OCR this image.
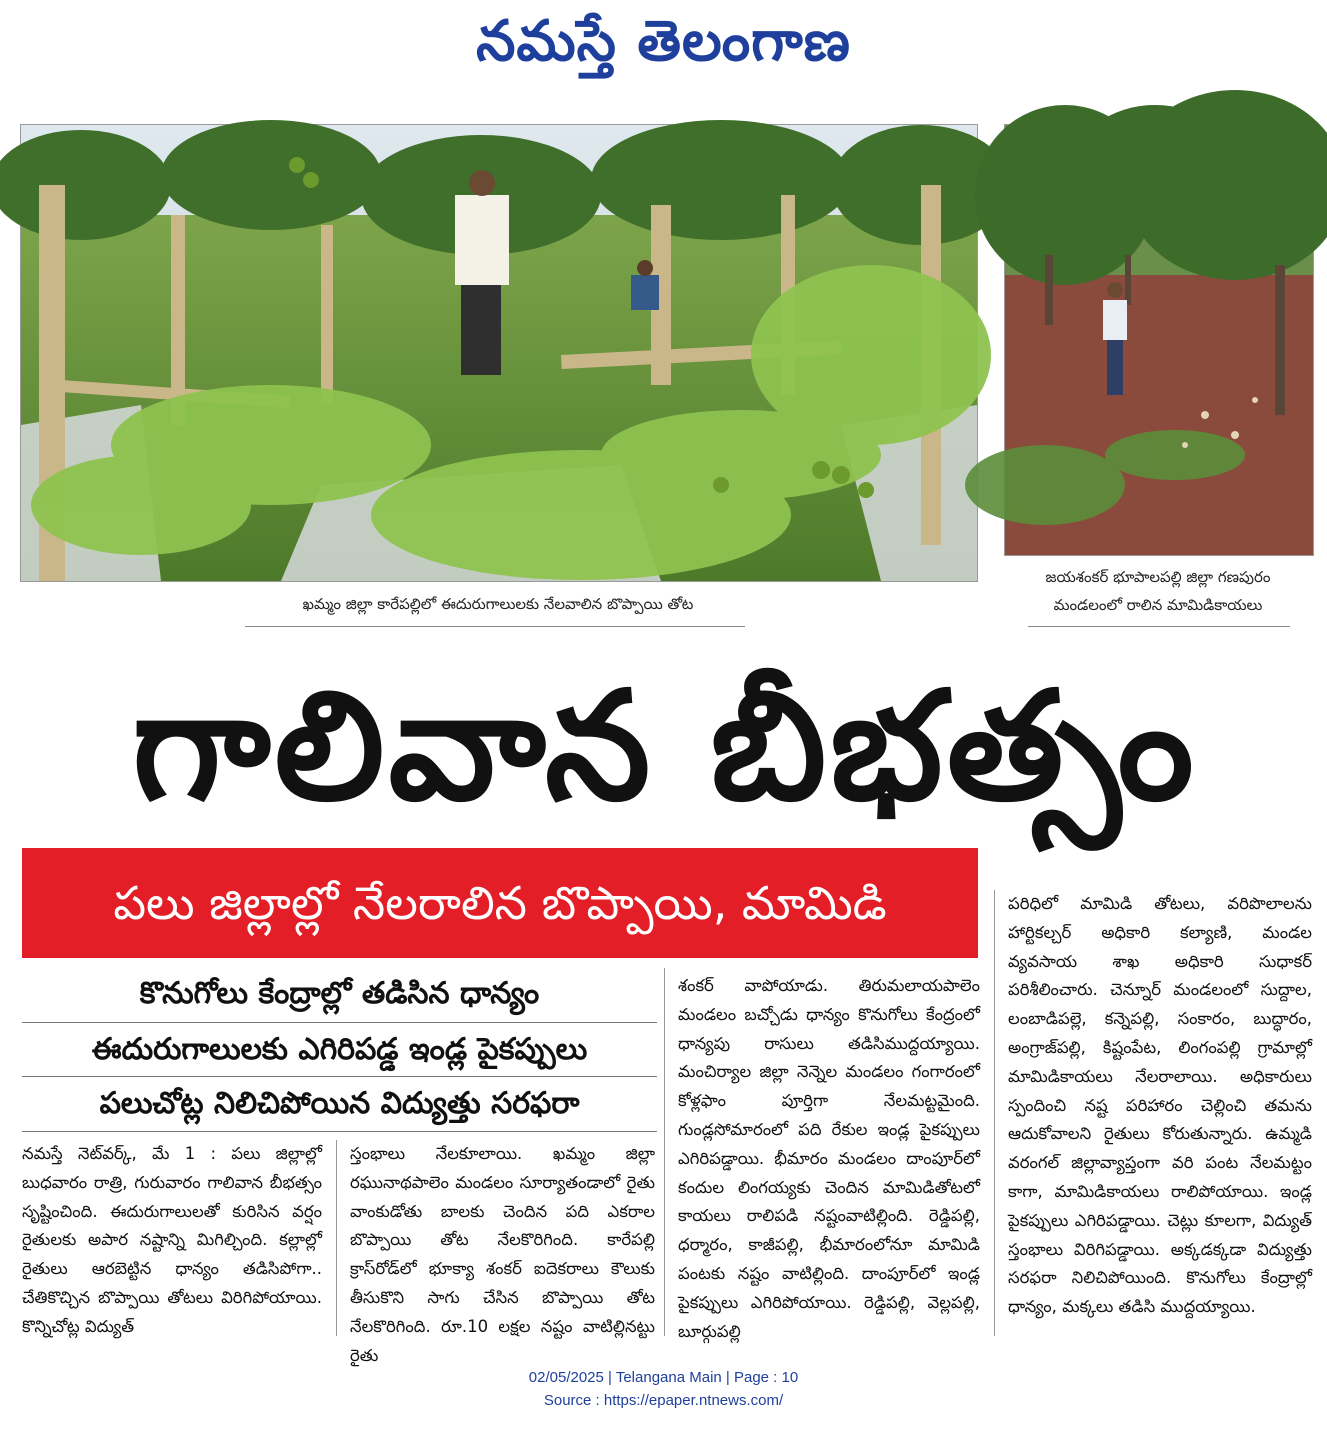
నమస్తే తెలంగాణ
ఖమ్మం జిల్లా కారేపల్లిలో ఈదురుగాలులకు నేలవాలిన బొప్పాయి తోట
జయశంకర్ భూపాలపల్లి జిల్లా గణపురం
మండలంలో రాలిన మామిడికాయలు
గాలివాన బీభత్సం
పలు జిల్లాల్లో నేలరాలిన బొప్పాయి, మామిడి
కొనుగోలు కేంద్రాల్లో తడిసిన ధాన్యం
ఈదురుగాలులకు ఎగిరిపడ్డ ఇండ్ల పైకప్పులు
పలుచోట్ల నిలిచిపోయిన విద్యుత్తు సరఫరా
నమస్తే నెట్‌వర్క్, మే 1 : పలు జిల్లాల్లో బుధవారం రాత్రి, గురువారం గాలివాన బీభత్సం సృష్టించింది. ఈదురుగాలులతో కురిసిన వర్షం రైతులకు అపార నష్టాన్ని మిగిల్చింది. కల్లాల్లో రైతులు ఆరబెట్టిన ధాన్యం తడిసిపోగా.. చేతికొచ్చిన బొప్పాయి తోటలు విరిగిపోయాయి. కొన్నిచోట్ల విద్యుత్
స్తంభాలు నేలకూలాయి. ఖమ్మం జిల్లా రఘునాథపాలెం మండలం సూర్యాతండాలో రైతు వాంకుడోతు బాలకు చెందిన పది ఎకరాల బొప్పాయి తోట నేలకొరిగింది. కారేపల్లి క్రాస్‌రోడ్‌లో భూక్యా శంకర్ ఐదెకరాలు కౌలుకు తీసుకొని సాగు చేసిన బొప్పాయి తోట నేలకొరిగింది. రూ.10 లక్షల నష్టం వాటిల్లినట్టు రైతు
శంకర్ వాపోయాడు. తిరుమలాయపాలెం మండలం బచ్చోడు ధాన్యం కొనుగోలు కేంద్రంలో ధాన్యపు రాసులు తడిసిముద్దయ్యాయి. మంచిర్యాల జిల్లా నెన్నెల మండలం గంగారంలో కోళ్లఫాం పూర్తిగా నేలమట్టమైంది. గుండ్లసోమారంలో పది రేకుల ఇండ్ల పైకప్పులు ఎగిరిపడ్డాయి. భీమారం మండలం దాంపూర్‌లో కందుల లింగయ్యకు చెందిన మామిడితోటలో కాయలు రాలిపడి నష్టంవాటిల్లింది. రెడ్డిపల్లి, ధర్మారం, కాజీపల్లి, భీమారంలోనూ మామిడి పంటకు నష్టం వాటిల్లింది. దాంపూర్‌లో ఇండ్ల పైకప్పులు ఎగిరిపోయాయి. రెడ్డిపల్లి, వెల్లపల్లి, బూర్గుపల్లి
పరిధిలో మామిడి తోటలు, వరిపొలాలను హార్టికల్చర్ అధికారి కల్యాణి, మండల వ్యవసాయ శాఖ అధికారి సుధాకర్ పరిశీలించారు. చెన్నూర్ మండలంలో సుద్దాల, లంబాడిపల్లె, కన్నెపల్లి, సంకారం, బుద్ధారం, అంగ్రాజ్‌పల్లి, కిష్టంపేట, లింగంపల్లి గ్రామాల్లో మామిడికాయలు నేలరాలాయి. అధికారులు స్పందించి నష్ట పరిహారం చెల్లించి తమను ఆదుకోవాలని రైతులు కోరుతున్నారు. ఉమ్మడి వరంగల్ జిల్లావ్యాప్తంగా వరి పంట నేలమట్టం కాగా, మామిడికాయలు రాలిపోయాయి. ఇండ్ల పైకప్పులు ఎగిరిపడ్డాయి. చెట్లు కూలగా, విద్యుత్ స్తంభాలు విరిగిపడ్డాయి. అక్కడక్కడా విద్యుత్తు సరఫరా నిలిచిపోయింది. కొనుగోలు కేంద్రాల్లో ధాన్యం, మక్కలు తడిసి ముద్దయ్యాయి.
02/05/2025 | Telangana Main | Page : 10
Source : https://epaper.ntnews.com/
